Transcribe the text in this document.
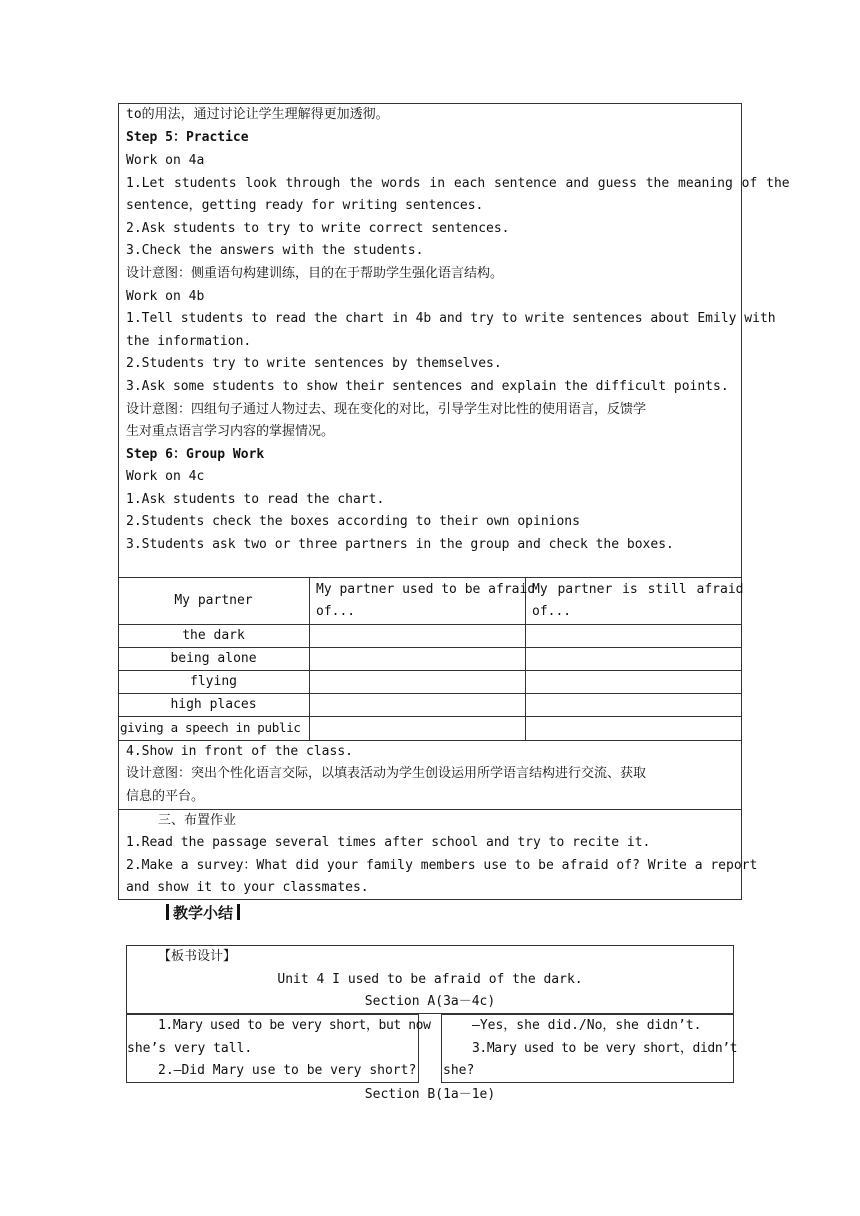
to的用法，通过讨论让学生理解得更加透彻。
Step 5：Practice
Work on 4a
1.Let students look through the words in each sentence and guess the meaning of the
sentence，getting ready for writing sentences.
2.Ask students to try to write correct sentences.
3.Check the answers with the students.
设计意图：侧重语句构建训练，目的在于帮助学生强化语言结构。
Work on 4b
1.Tell students to read the chart in 4b and try to write sentences about Emily with
the information.
2.Students try to write sentences by themselves.
3.Ask some students to show their sentences and explain the difficult points.
设计意图：四组句子通过人物过去、现在变化的对比，引导学生对比性的使用语言，反馈学
生对重点语言学习内容的掌握情况。
Step 6：Group Work
Work on 4c
1.Ask students to read the chart.
2.Students check the boxes according to their own opinions
3.Students ask two or three partners in the group and check the boxes.
My partner
My partner used to be afraid
of...
My partner is still afraid
of...
the dark
being alone
flying
high places
giving a speech in public
4.Show in front of the class.
设计意图：突出个性化语言交际，以填表活动为学生创设运用所学语言结构进行交流、获取
信息的平台。
三、布置作业
1.Read the passage several times after school and try to recite it.
2.Make a survey：What did your family members use to be afraid of? Write a report
and show it to your classmates.
教学小结
【板书设计】
Unit 4 I used to be afraid of the dark.
Section A(3a－4c)
1.Mary used to be very short，but now
she’s very tall.
2.—Did Mary use to be very short?
—Yes，she did./No，she didn’t.
3.Mary used to be very short，didn’t
she?
Section B(1a－1e)
